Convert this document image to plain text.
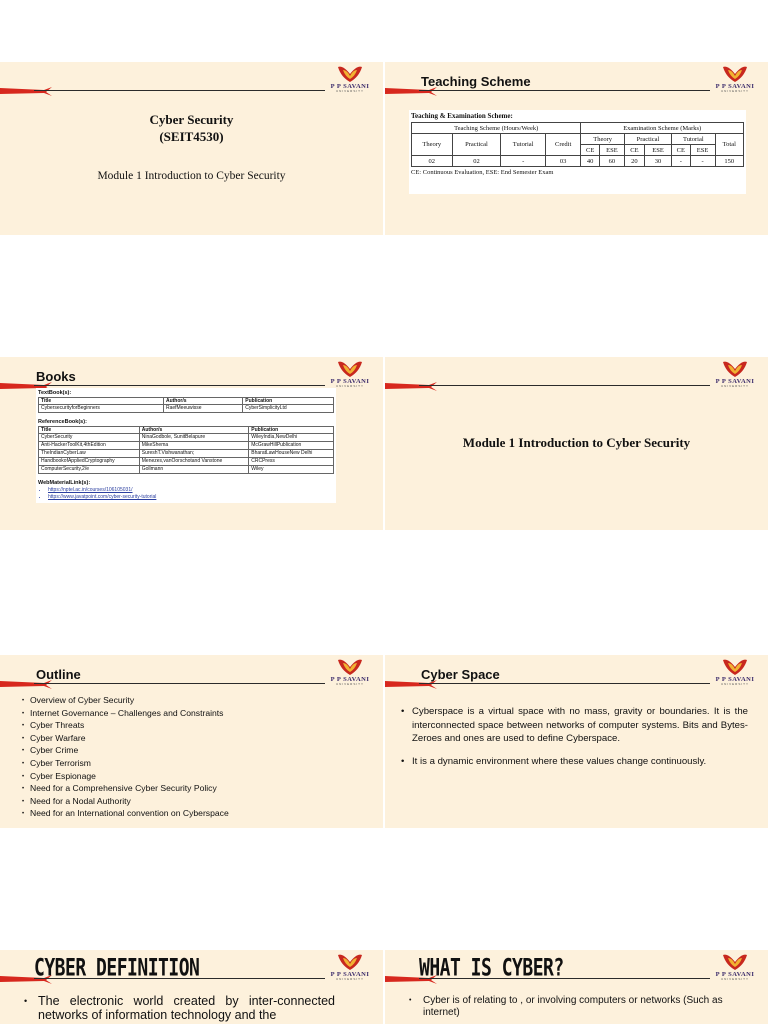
P P SAVANI
UNIVERSITY
Cyber Security
(SEIT4530)
Module 1 Introduction to Cyber Security
Teaching Scheme	P P SAVANI
UNIVERSITY
Teaching & Examination Scheme:
Teaching Scheme (Hours/Week)				Examination Scheme (Marks)						
Theory	Practical	Tutorial	Credit	Theory		Practical		Tutorial		Total
				CE	ESE	CE	ESE	CE	ESE	
02	02	-	03	40	60	20	30	-	-	150
CE: Continuous Evaluation, ESE: End Semester Exam
Books	P P SAVANI
UNIVERSITY
TextBook(s):
Title	Author/s	Publication
CybersecurityforBeginners	RaefMeeuwisse	CyberSimplicityLtd
ReferenceBook(s):
Title	Author/s	Publication
CyberSecurity	NinaGodbole, SunitBelapure	WileyIndia,NewDelhi
Anti-HackerToolKit,4thEdition	MikeShema	McGrawHillPublication
TheIndianCyberLaw	SureshT.Vishwanathan;	BharatLawHouseNew Delhi
HandbookofAppliedCryptography	Menezes,vanOorschotand Vanstone	CRCPress
ComputerSecurity,2/e	Gollmann	Wiley
WebMaterialLink(s):
• https://nptel.ac.in/courses/106105031/
• https://www.javatpoint.com/cyber-security-tutorial
P P SAVANI
UNIVERSITY
Module 1 Introduction to Cyber Security
Outline	P P SAVANI
UNIVERSITY
• Overview of Cyber Security
• Internet Governance – Challenges and Constraints
• Cyber Threats
• Cyber Warfare
• Cyber Crime
• Cyber Terrorism
• Cyber Espionage
• Need for a Comprehensive Cyber Security Policy
• Need for a Nodal Authority
• Need for an International convention on Cyberspace
Cyber Space	P P SAVANI
UNIVERSITY
• Cyberspace is a virtual space with no mass, gravity or boundaries. It is the interconnected space between networks of computer systems. Bits and Bytes- Zeroes and ones are used to define Cyberspace.
• It is a dynamic environment where these values change continuously.
CYBER DEFINITION	P P SAVANI
UNIVERSITY
• The electronic world created by inter-connected networks of information technology and the
WHAT IS CYBER?	P P SAVANI
UNIVERSITY
• Cyber is of relating to , or involving computers or networks (Such as internet)
